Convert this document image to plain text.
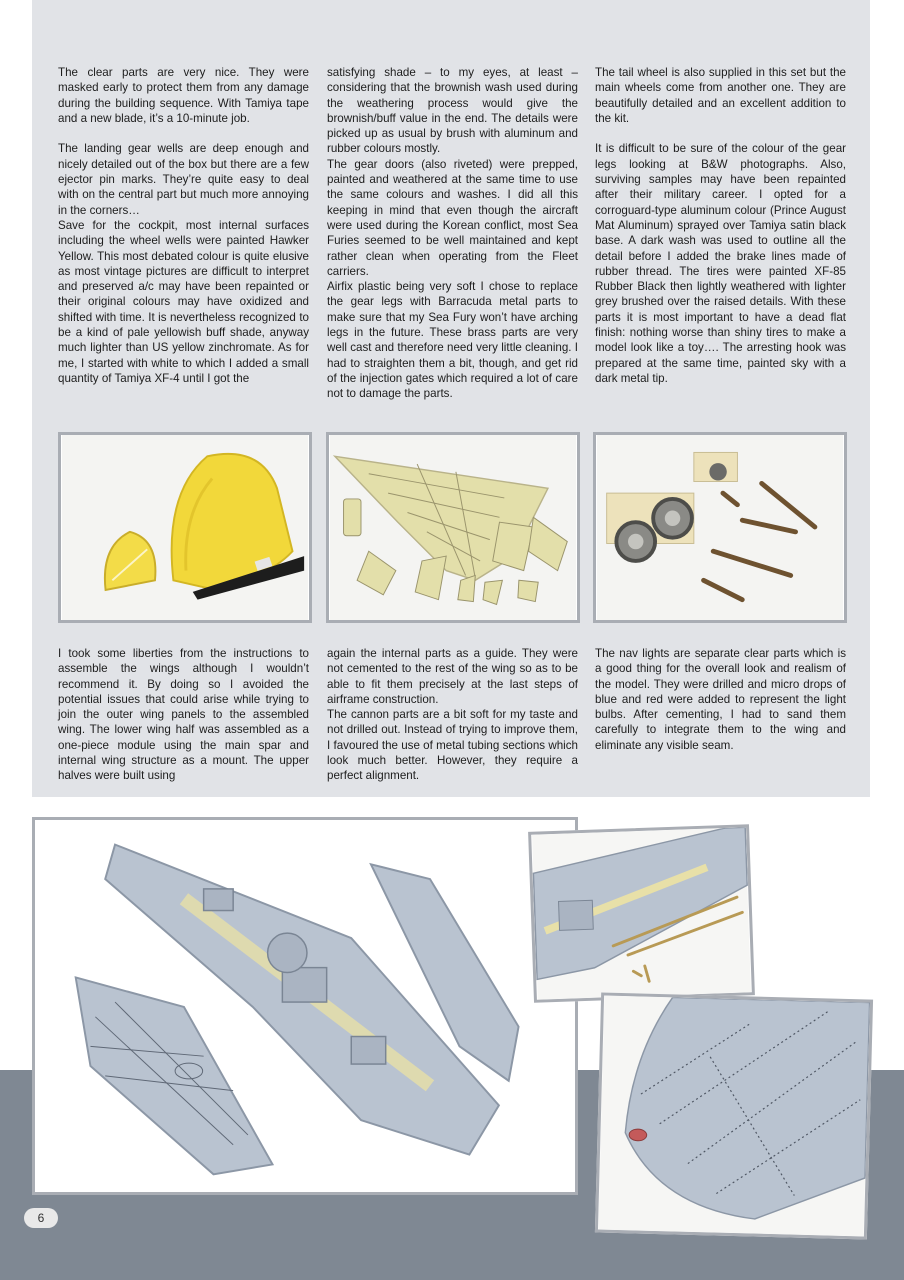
The clear parts are very nice. They were masked early to protect them from any damage during the building sequence. With Tamiya tape and a new blade, it’s a 10-minute job.

The landing gear wells are deep enough and nicely detailed out of the box but there are a few ejector pin marks. They’re quite easy to deal with on the central part but much more annoying in the corners…

Save for the cockpit, most internal surfaces including the wheel wells were painted Hawker Yellow. This most debated colour is quite elusive as most vintage pictures are difficult to interpret and preserved a/c may have been repainted or their original colours may have oxidized and shifted with time. It is nevertheless recognized to be a kind of pale yellowish buff shade, anyway much lighter than US yellow zinchromate. As for me, I started with white to which I added a small quantity of Tamiya XF-4 until I got the

satisfying shade – to my eyes, at least – considering that the brownish wash used during the weathering process would give the brownish/buff value in the end. The details were picked up as usual by brush with aluminum and rubber colours mostly.

The gear doors (also riveted) were prepped, painted and weathered at the same time to use the same colours and washes. I did all this keeping in mind that even though the aircraft were used during the Korean conflict, most Sea Furies seemed to be well maintained and kept rather clean when operating from the Fleet carriers.

Airfix plastic being very soft I chose to replace the gear legs with Barracuda metal parts to make sure that my Sea Fury won’t have arching legs in the future. These brass parts are very well cast and therefore need very little cleaning. I had to straighten them a bit, though, and get rid of the injection gates which required a lot of care not to damage the parts.

The tail wheel is also supplied in this set but the main wheels come from another one. They are beautifully detailed and an excellent addition to the kit.

It is difficult to be sure of the colour of the gear legs looking at B&W photographs. Also, surviving samples may have been repainted after their military career. I opted for a corroguard-type aluminum colour (Prince August Mat Aluminum) sprayed over Tamiya satin black base. A dark wash was used to outline all the detail before I added the brake lines made of rubber thread. The tires were painted XF-85 Rubber Black then lightly weathered with lighter grey brushed over the raised details. With these parts it is most important to have a dead flat finish: nothing worse than shiny tires to make a model look like a toy…. The arresting hook was prepared at the same time, painted sky with a dark metal tip.

I took some liberties from the instructions to assemble the wings although I wouldn’t recommend it. By doing so I avoided the potential issues that could arise while trying to join the outer wing panels to the assembled wing. The lower wing half was assembled as a one-piece module using the main spar and internal wing structure as a mount. The upper halves were built using

again the internal parts as a guide. They were not cemented to the rest of the wing so as to be able to fit them precisely at the last steps of airframe construction.

The cannon parts are a bit soft for my taste and not drilled out. Instead of trying to improve them, I favoured the use of metal tubing sections which look much better. However, they require a perfect alignment.

The nav lights are separate clear parts which is a good thing for the overall look and realism of the model. They were drilled and micro drops of blue and red were added to represent the light bulbs. After cementing, I had to sand them carefully to integrate them to the wing and eliminate any visible seam.

6
